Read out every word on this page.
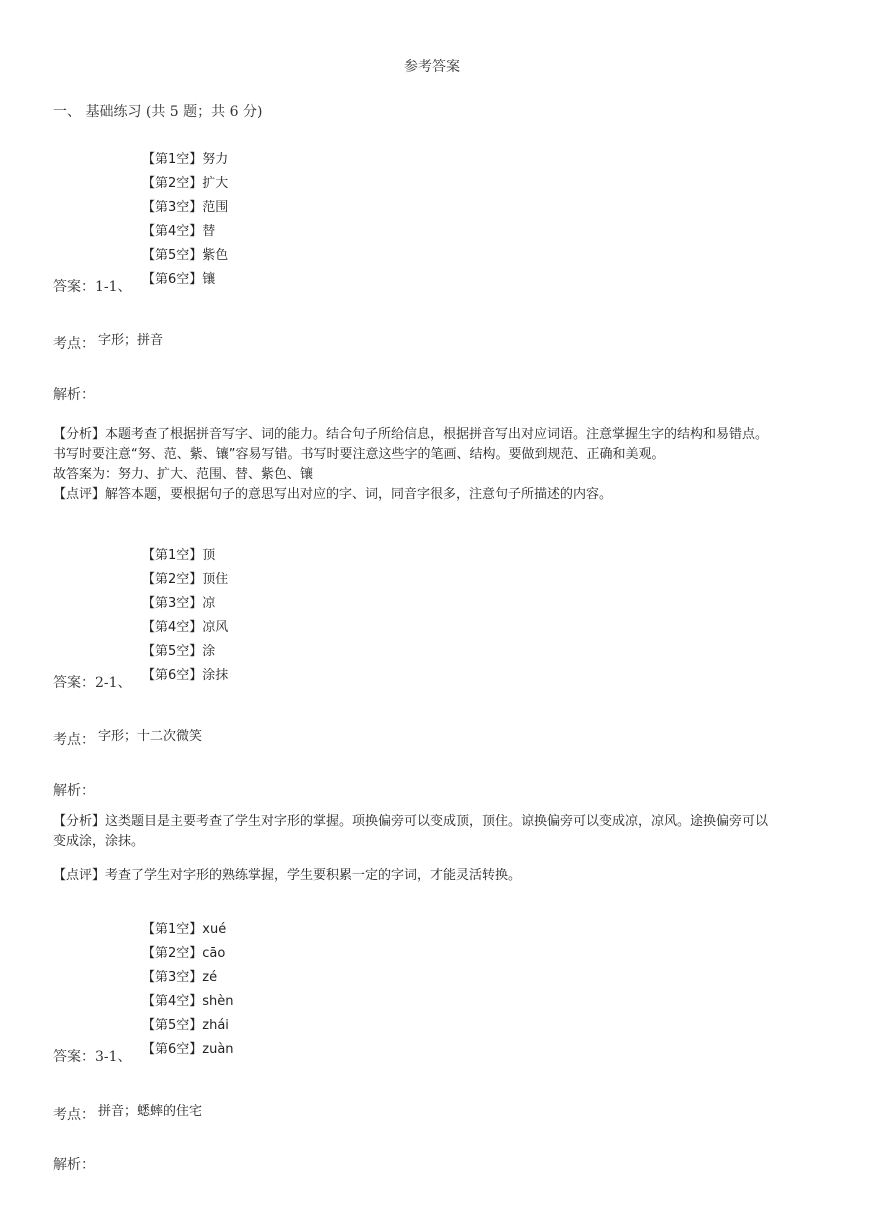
参考答案
一、 基础练习 (共 5 题；共 6 分)
【第1空】努力
【第2空】扩大
【第3空】范围
【第4空】替
【第5空】紫色
【第6空】镶
答案：1-1、
考点： 字形；拼音
解析：
【分析】本题考查了根据拼音写字、词的能力。结合句子所给信息，根据拼音写出对应词语。注意掌握生字的结构和易错点。
书写时要注意“努、范、紫、镶”容易写错。书写时要注意这些字的笔画、结构。要做到规范、正确和美观。
故答案为：努力、扩大、范围、替、紫色、镶
【点评】解答本题，要根据句子的意思写出对应的字、词，同音字很多，注意句子所描述的内容。
【第1空】顶
【第2空】顶住
【第3空】凉
【第4空】凉风
【第5空】涂
【第6空】涂抹
答案：2-1、
考点： 字形；十二次微笑
解析：
【分析】这类题目是主要考查了学生对字形的掌握。项换偏旁可以变成顶，顶住。谅换偏旁可以变成凉，凉风。途换偏旁可以
变成涂，涂抹。
【点评】考查了学生对字形的熟练掌握，学生要积累一定的字词，才能灵活转换。
【第1空】xué
【第2空】cāo
【第3空】zé
【第4空】shèn
【第5空】zhái
【第6空】zuàn
答案：3-1、
考点： 拼音；蟋蟀的住宅
解析：
